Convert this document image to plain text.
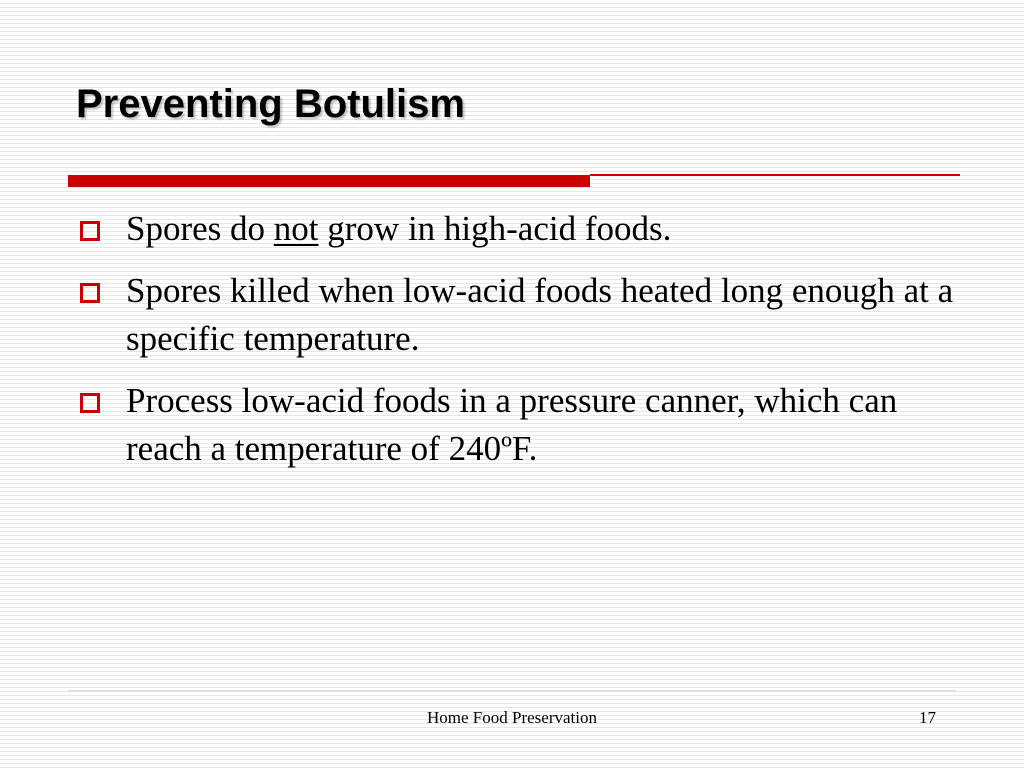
Preventing Botulism
Spores do not grow in high-acid foods.
Spores killed when low-acid foods heated long enough at a specific temperature.
Process low-acid foods in a pressure canner, which can reach a temperature of 240ºF.
Home Food Preservation	17
